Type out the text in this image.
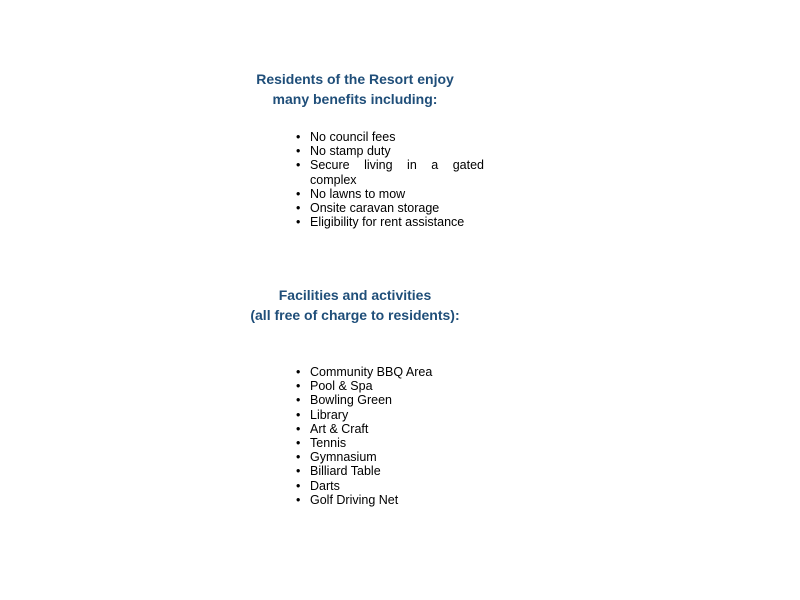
Residents of the Resort enjoy
many benefits including:
• No council fees
• No stamp duty
• Secure living in a gated complex
• No lawns to mow
• Onsite caravan storage
• Eligibility for rent assistance
Facilities and activities
(all free of charge to residents):
• Community BBQ Area
• Pool & Spa
• Bowling Green
• Library
• Art & Craft
• Tennis
• Gymnasium
• Billiard Table
• Darts
• Golf Driving Net
